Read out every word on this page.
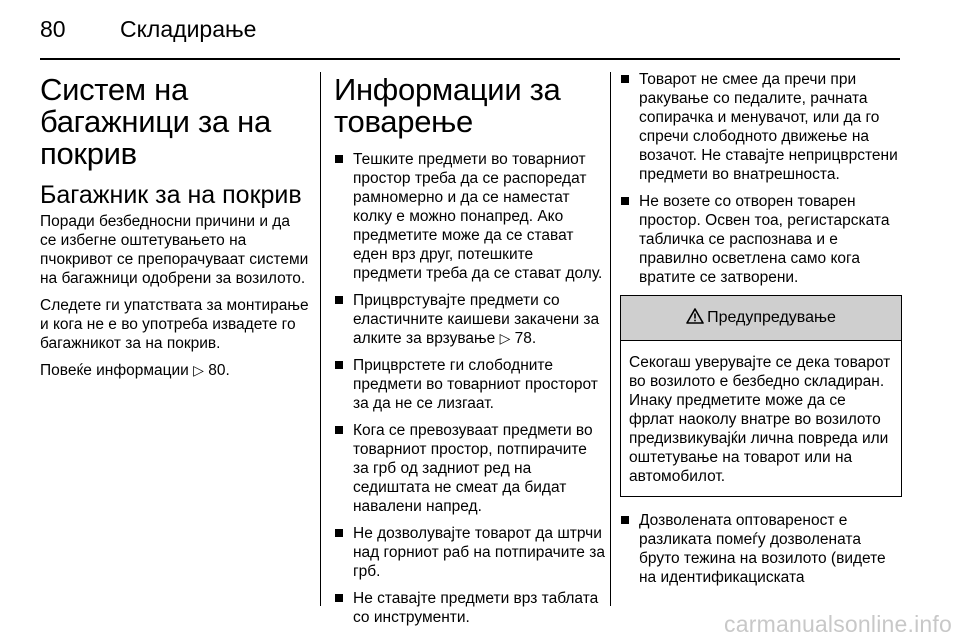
80 Складирање
Систем на багажници за на покрив
Багажник за на покрив

Поради безбедносни причини и да се избегне оштетувањето на пчокривот се препорачуваат системи на багажници одобрени за возилото.

Следете ги упатствата за монтирање и кога не е во употреба извадете го багажникот за на покрив.

Повеќе информации ▷ 80.

Информации за товарење
Тешките предмети во товарниот простор треба да се распоредат рамномерно и да се наместат колку е можно понапред. Ако предметите може да се стават еден врз друг, потешките предмети треба да се стават долу.
Прицврстувајте предмети со еластичните каишеви закачени за алките за врзување ▷ 78.
Прицврстете ги слободните предмети во товарниот просторот за да не се лизгаат.
Кога се превозуваат предмети во товарниот простор, потпирачите за грб од задниот ред на седиштата не смеат да бидат навалени напред.
Не дозволувајте товарот да штрчи над горниот раб на потпирачите за грб.
Не ставајте предмети врз таблата со инструменти.
Товарот не смее да пречи при ракување со педалите, рачната сопирачка и менувачот, или да го спречи слободното движење на возачот. Не ставајте неприцврстени предмети во внатрешноста.
Не возете со отворен товарен простор. Освен тоа, регистарската табличка се распознава и е правилно осветлена само кога вратите се затворени.
Предупредување
Секогаш уверувајте се дека товарот во возилото е безбедно складиран. Инаку предметите може да се фрлат наоколу внатре во возилото предизвикувајќи лична повреда или оштетување на товарот или на автомобилот.
Дозволената оптовареност е разликата помеѓу дозволената бруто тежина на возилото (видете на идентификациската
carmanualsonline.info
